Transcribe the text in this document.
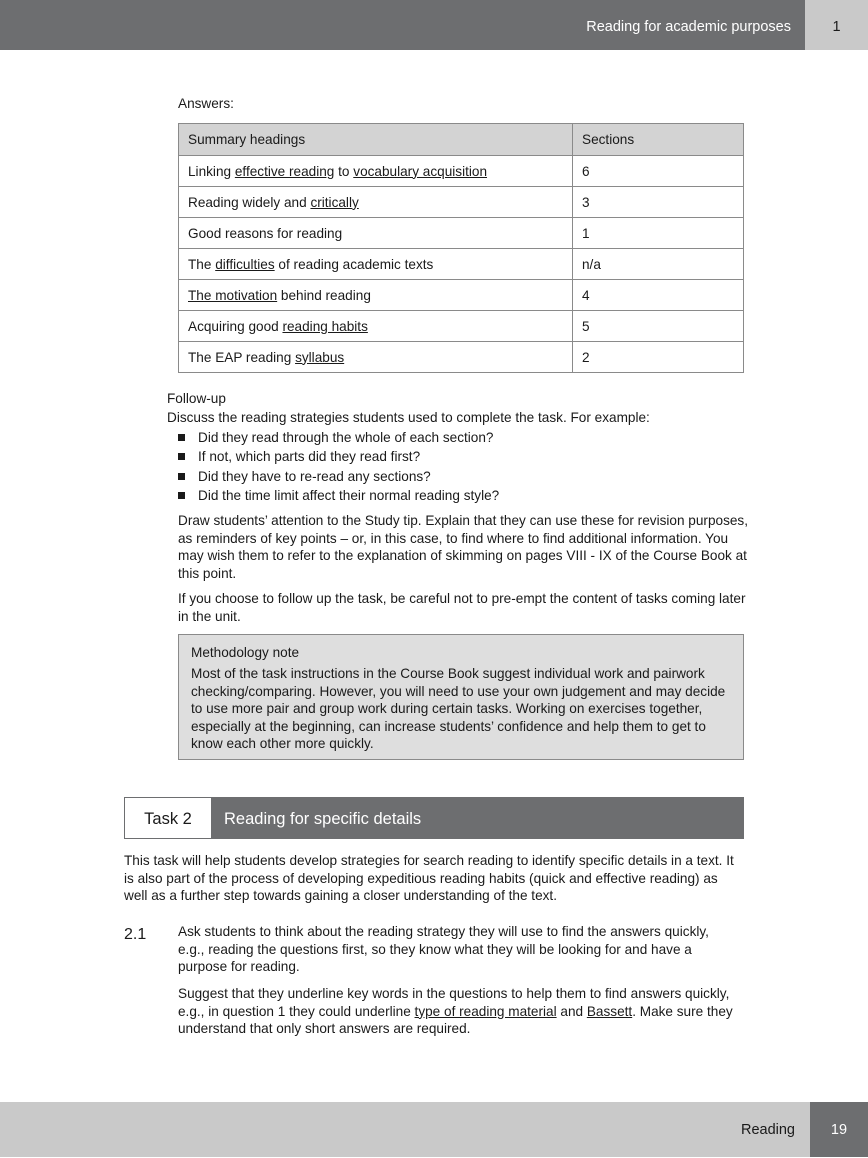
Reading for academic purposes	1

Answers:

Summary headings	Sections
Linking effective reading to vocabulary acquisition	6
Reading widely and critically	3
Good reasons for reading	1
The difficulties of reading academic texts	n/a
The motivation behind reading	4
Acquiring good reading habits	5
The EAP reading syllabus	2

Follow-up

Discuss the reading strategies students used to complete the task. For example:

Did they read through the whole of each section?
If not, which parts did they read first?
Did they have to re-read any sections?
Did the time limit affect their normal reading style?

Draw students’ attention to the Study tip. Explain that they can use these for revision purposes, as reminders of key points – or, in this case, to find where to find additional information. You may wish them to refer to the explanation of skimming on pages VIII - IX of the Course Book at this point.

If you choose to follow up the task, be careful not to pre-empt the content of tasks coming later in the unit.

Methodology note

Most of the task instructions in the Course Book suggest individual work and pairwork checking/comparing. However, you will need to use your own judgement and may decide to use more pair and group work during certain tasks. Working on exercises together, especially at the beginning, can increase students’ confidence and help them to get to know each other more quickly.

Task 2	Reading for specific details

This task will help students develop strategies for search reading to identify specific details in a text. It is also part of the process of developing expeditious reading habits (quick and effective reading) as well as a further step towards gaining a closer understanding of the text.

2.1 Ask students to think about the reading strategy they will use to find the answers quickly, e.g., reading the questions first, so they know what they will be looking for and have a purpose for reading.

Suggest that they underline key words in the questions to help them to find answers quickly, e.g., in question 1 they could underline type of reading material and Bassett. Make sure they understand that only short answers are required.

Reading	19
